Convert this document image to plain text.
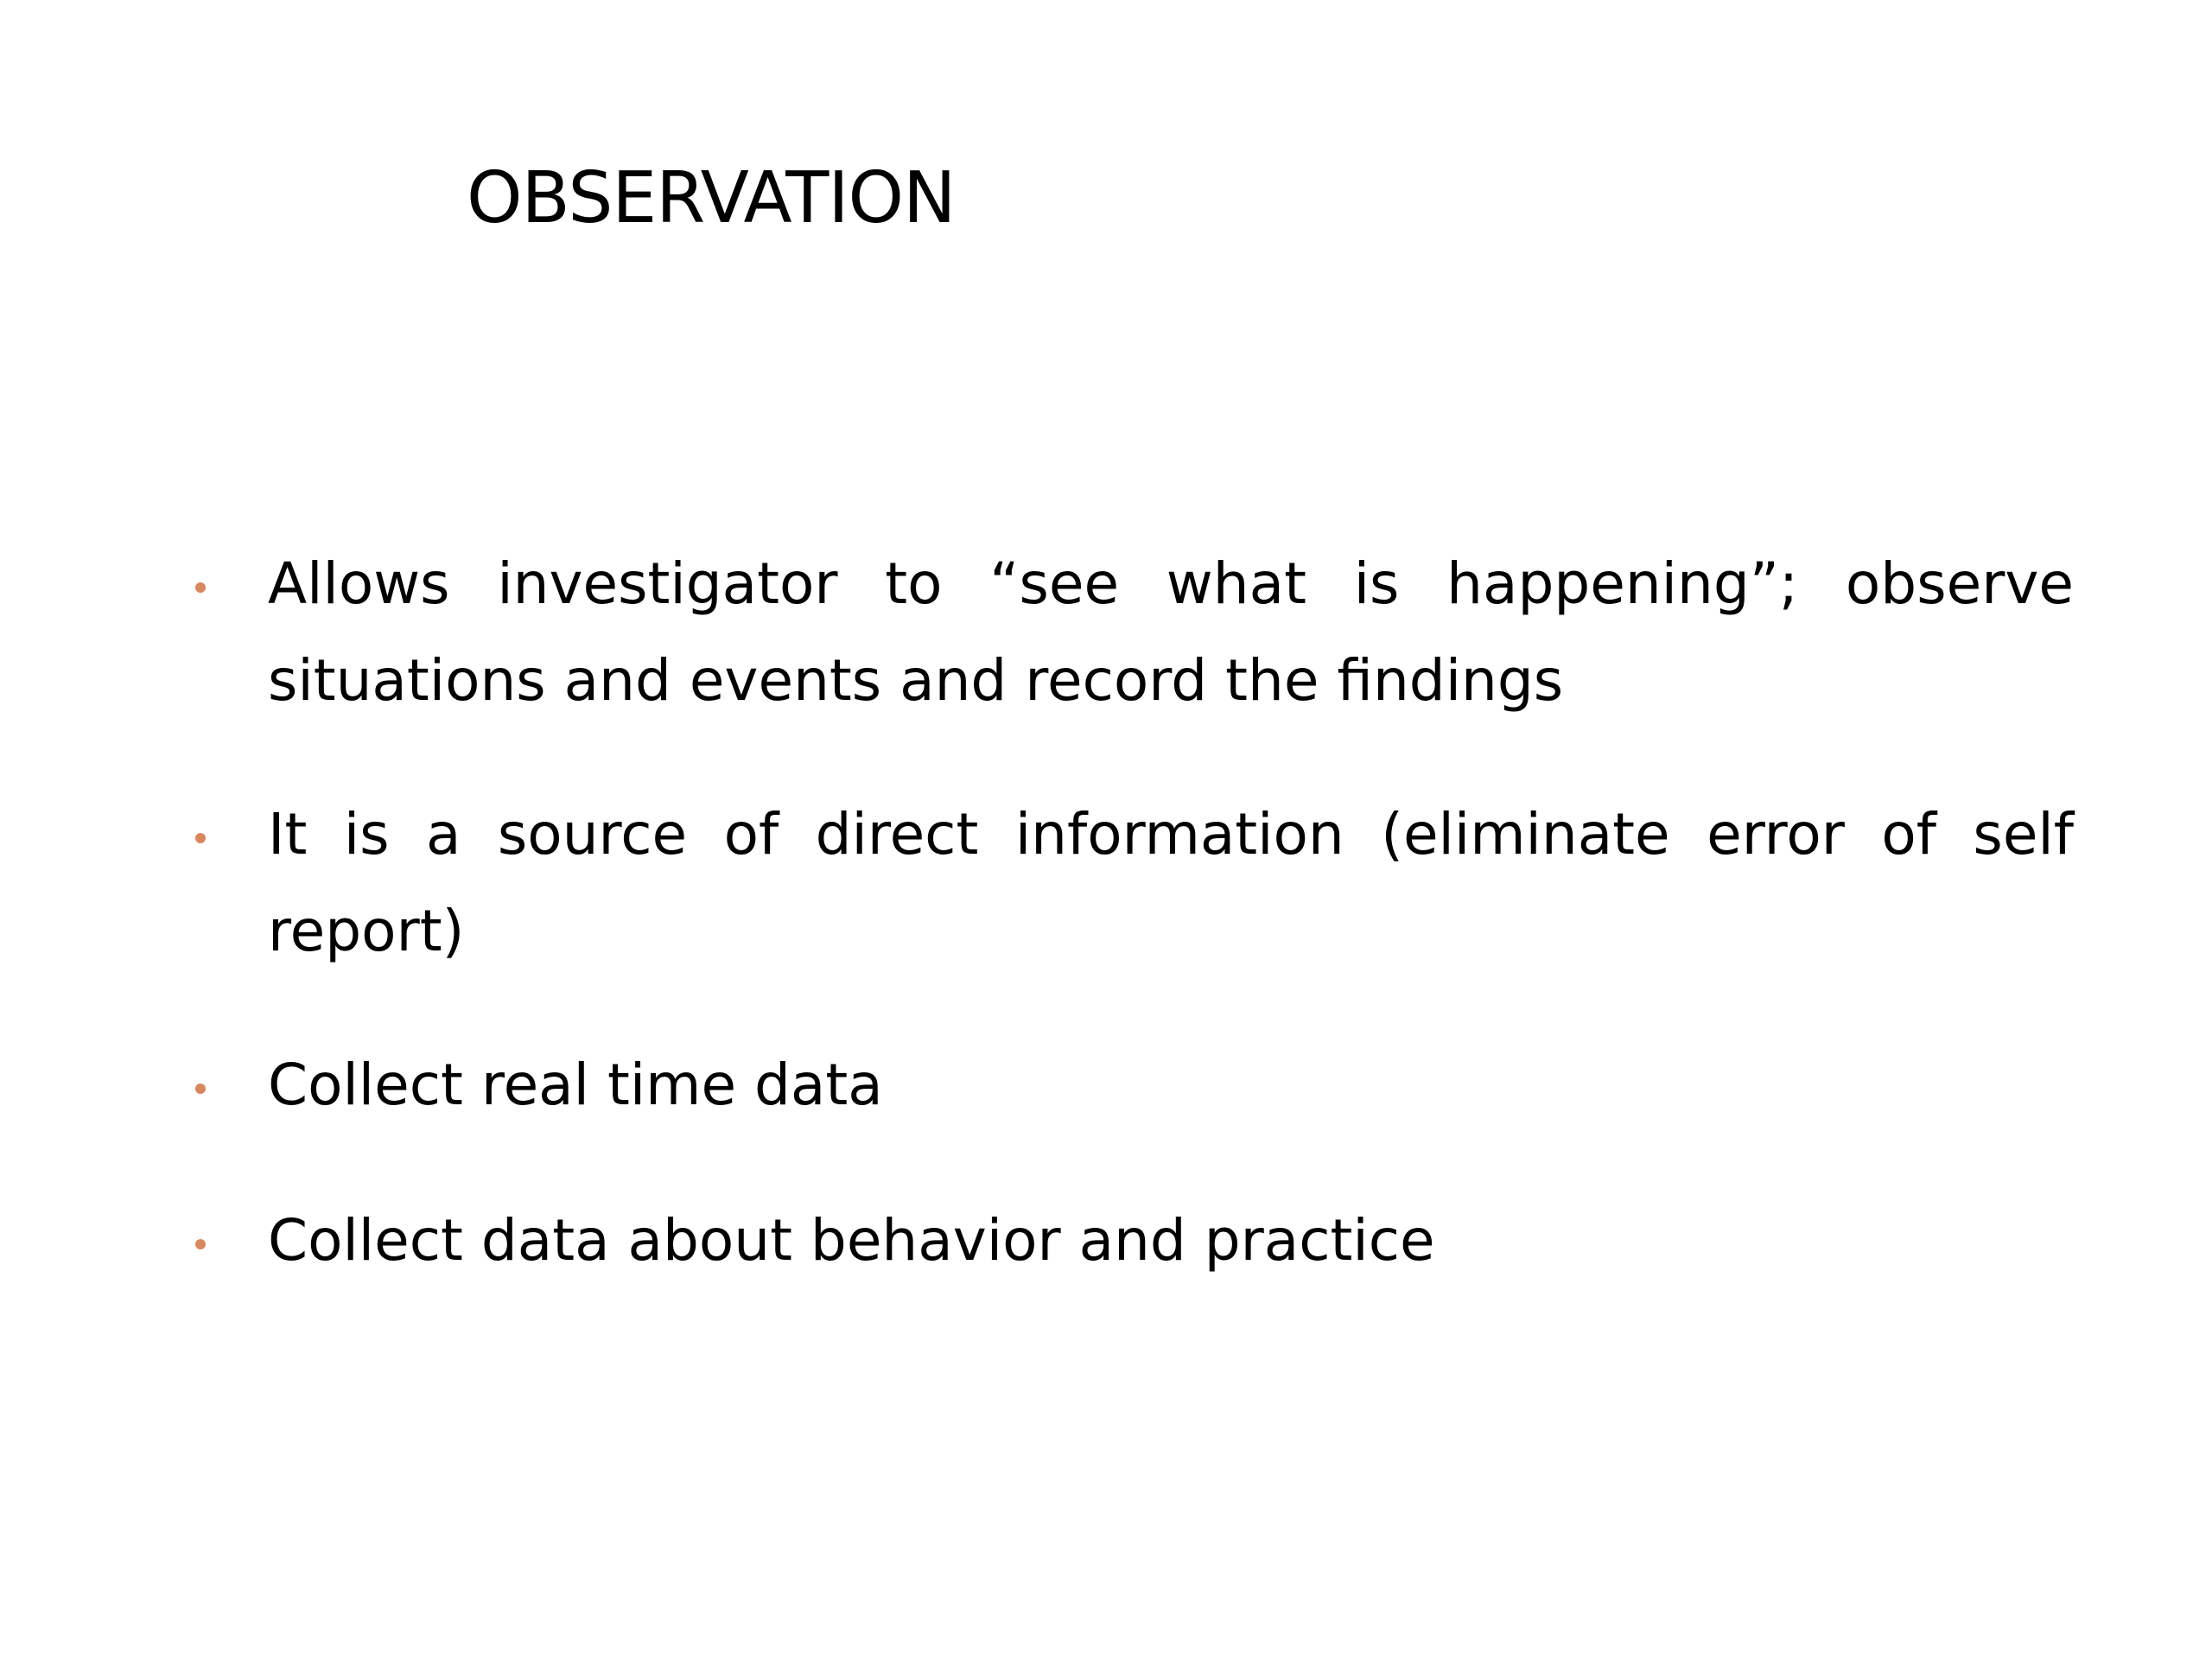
OBSERVATION
Allows investigator to “see what is happening”; observe situations and events and record the findings
It is a source of direct information (eliminate error of self report)
Collect real time data
Collect data about behavior and practice
